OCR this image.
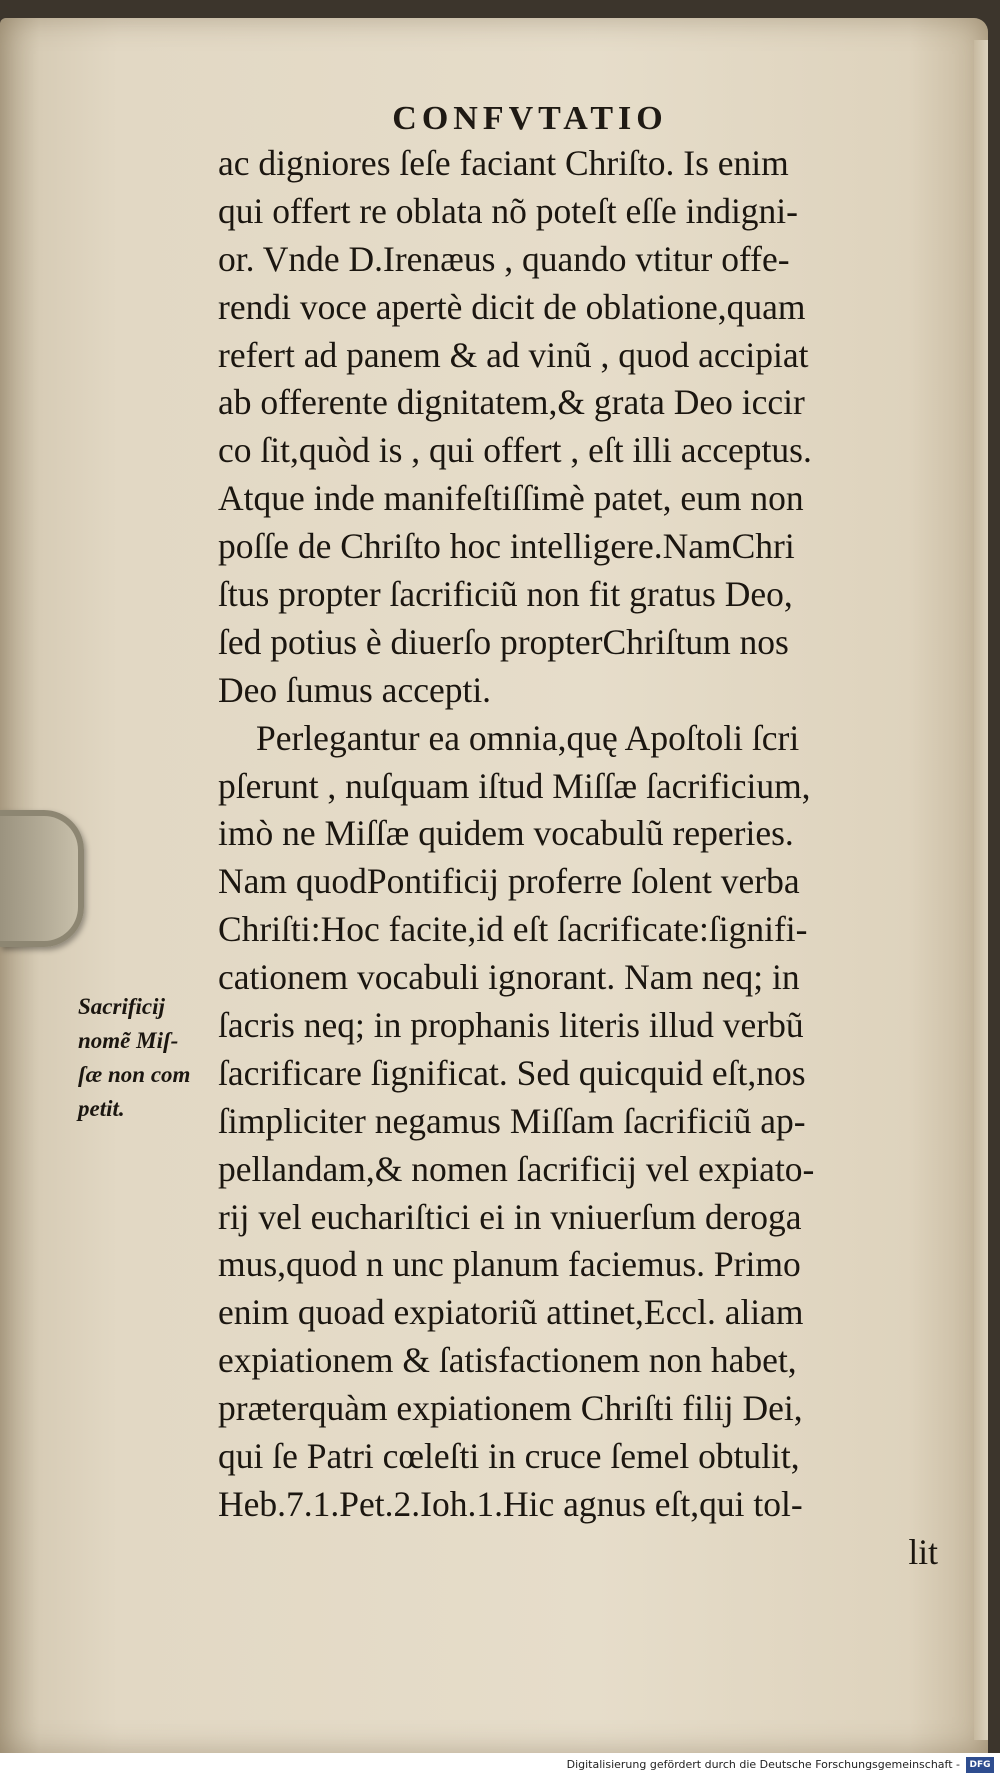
CONFVTATIO
ac digniores ſeſe faciant Chriſto. Is enim
qui offert re oblata nõ poteſt eſſe indigni-
or. Vnde D.Irenæus , quando vtitur offe-
rendi voce apertè dicit de oblatione,quam
refert ad panem & ad vinũ , quod accipiat
ab offerente dignitatem,& grata Deo iccir
co ſit,quòd is , qui offert , eſt illi acceptus.
Atque inde manifeſtiſſimè patet, eum non
poſſe de Chriſto hoc intelligere.NamChri
ſtus propter ſacrificiũ non fit gratus Deo,
ſed potius è diuerſo propterChriſtum nos
Deo ſumus accepti.
Perlegantur ea omnia,quę Apoſtoli ſcri
pſerunt , nuſquam iſtud Miſſæ ſacrificium,
imò ne Miſſæ quidem vocabulũ reperies.
Nam quodPontificij proferre ſolent verba
Chriſti:Hoc facite,id eſt ſacrificate:ſignifi-
cationem vocabuli ignorant. Nam neq; in
ſacris neq; in prophanis literis illud verbũ
ſacrificare ſignificat. Sed quicquid eſt,nos
ſimpliciter negamus Miſſam ſacrificiũ ap-
pellandam,& nomen ſacrificij vel expiato-
rij vel euchariſtici ei in vniuerſum deroga
mus,quod n unc planum faciemus. Primo
enim quoad expiatoriũ attinet,Eccl. aliam
expiationem & ſatisfactionem non habet,
præterquàm expiationem Chriſti filij Dei,
qui ſe Patri cœleſti in cruce ſemel obtulit,
Heb.7.1.Pet.2.Ioh.1.Hic agnus eſt,qui tol-
lit
Sacrificij
nomẽ Miſ-
ſæ non com
petit.
Digitalisierung gefördert durch die Deutsche Forschungsgemeinschaft -	DFG
